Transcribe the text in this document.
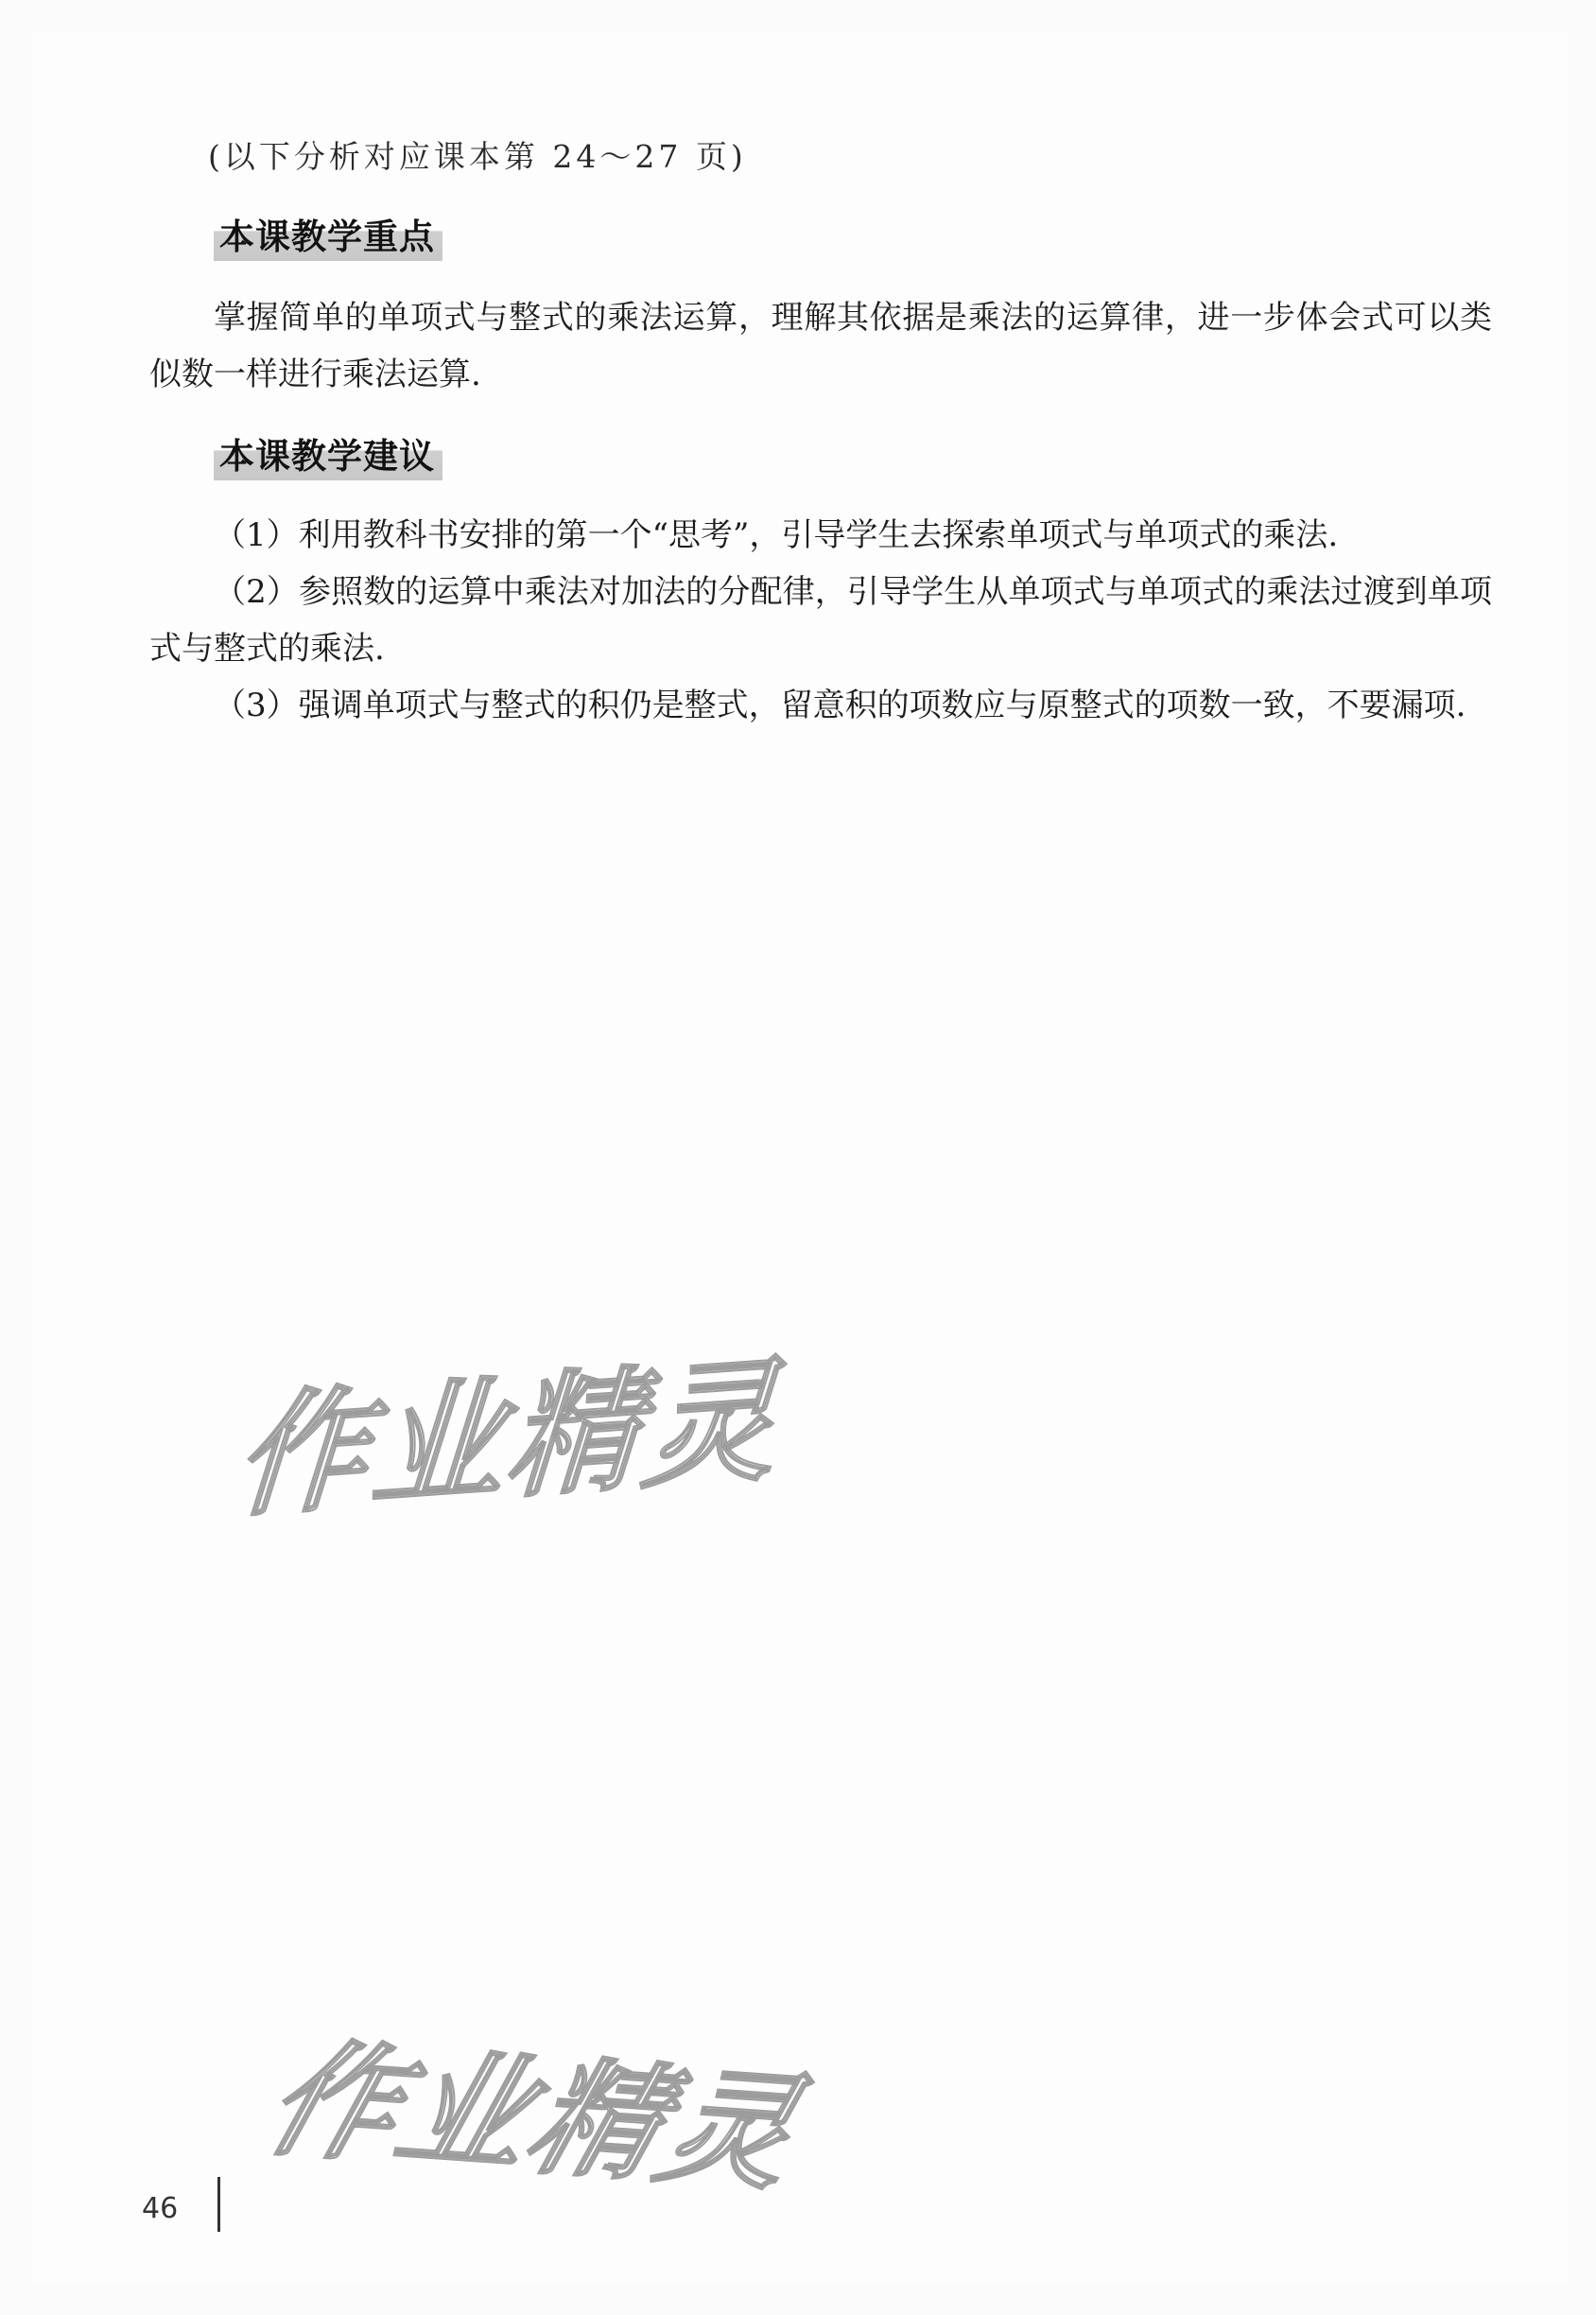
(以下分析对应课本第 24～27 页)
本课教学重点
掌握简单的单项式与整式的乘法运算，理解其依据是乘法的运算律，进一步体会式可以类似数一样进行乘法运算.
本课教学建议
（1）利用教科书安排的第一个“思考”，引导学生去探索单项式与单项式的乘法.
（2）参照数的运算中乘法对加法的分配律，引导学生从单项式与单项式的乘法过渡到单项式与整式的乘法.
（3）强调单项式与整式的积仍是整式，留意积的项数应与原整式的项数一致，不要漏项.
作业精灵
作业精灵
46
